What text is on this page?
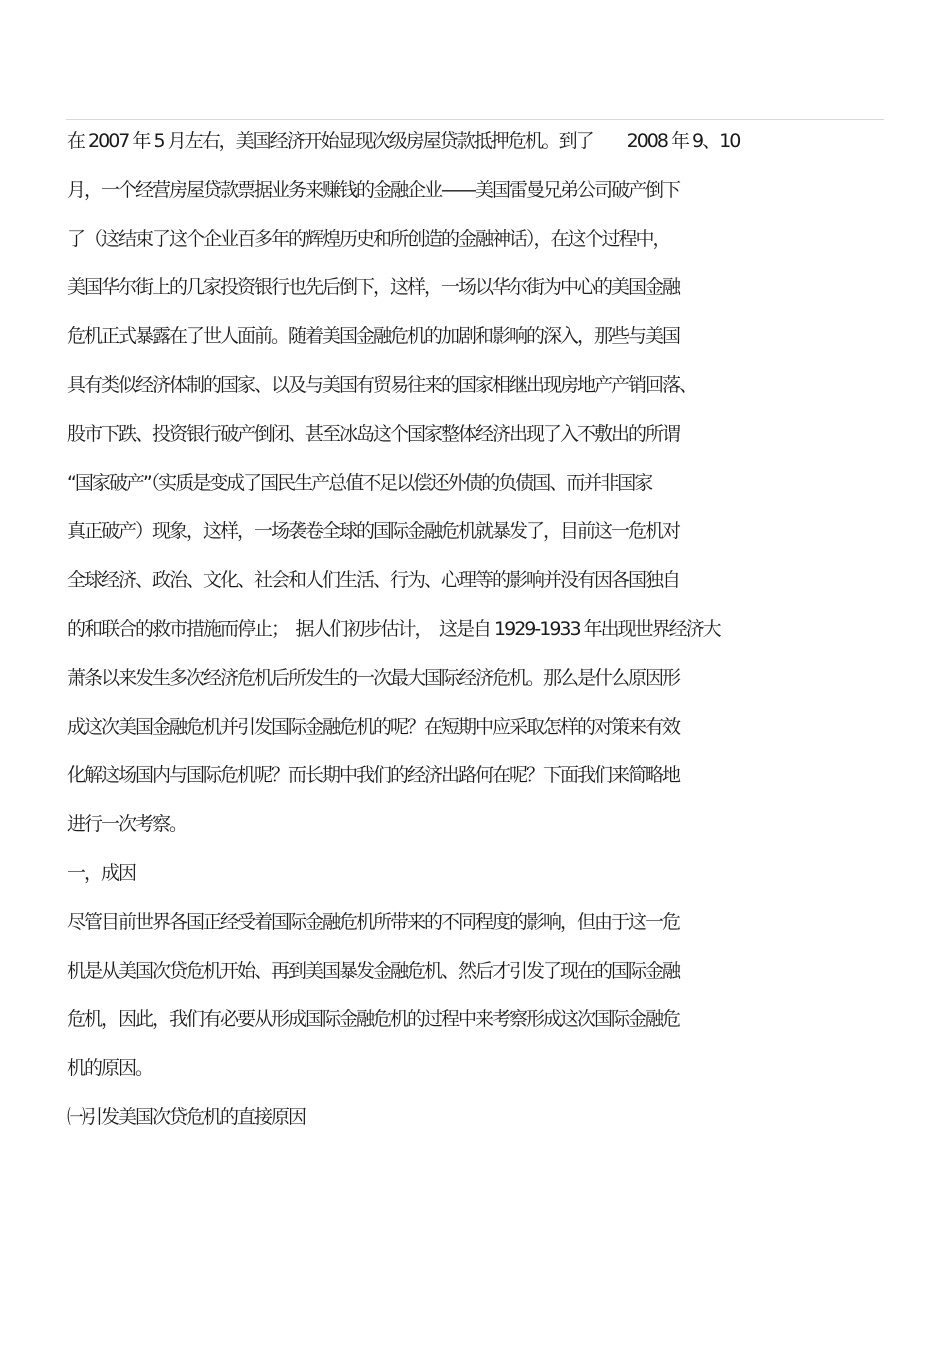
在 2007 年 5 月左右，美国经济开始显现次级房屋贷款抵押危机。到了　　2008 年 9、10
月，一个经营房屋贷款票据业务来赚钱的金融企业——美国雷曼兄弟公司破产倒下
了（这结束了这个企业百多年的辉煌历史和所创造的金融神话），在这个过程中，
美国华尔街上的几家投资银行也先后倒下，这样，一场以华尔街为中心的美国金融
危机正式暴露在了世人面前。随着美国金融危机的加剧和影响的深入，那些与美国
具有类似经济体制的国家、以及与美国有贸易往来的国家相继出现房地产产销回落、
股市下跌、投资银行破产倒闭、甚至冰岛这个国家整体经济出现了入不敷出的所谓
“国家破产”（实质是变成了国民生产总值不足以偿还外债的负债国、而并非国家
真正破产）现象，这样，一场袭卷全球的国际金融危机就暴发了，目前这一危机对
全球经济、政治、文化、社会和人们生活、行为、心理等的影响并没有因各国独自
的和联合的救市措施而停止；　据人们初步估计，　这是自 1929-1933 年出现世界经济大
萧条以来发生多次经济危机后所发生的一次最大国际经济危机。那么是什么原因形
成这次美国金融危机并引发国际金融危机的呢？在短期中应采取怎样的对策来有效
化解这场国内与国际危机呢？而长期中我们的经济出路何在呢？下面我们来简略地
进行一次考察。
一，成因
尽管目前世界各国正经受着国际金融危机所带来的不同程度的影响，但由于这一危
机是从美国次贷危机开始、再到美国暴发金融危机、然后才引发了现在的国际金融
危机，因此，我们有必要从形成国际金融危机的过程中来考察形成这次国际金融危
机的原因。
㈠引发美国次贷危机的直接原因
